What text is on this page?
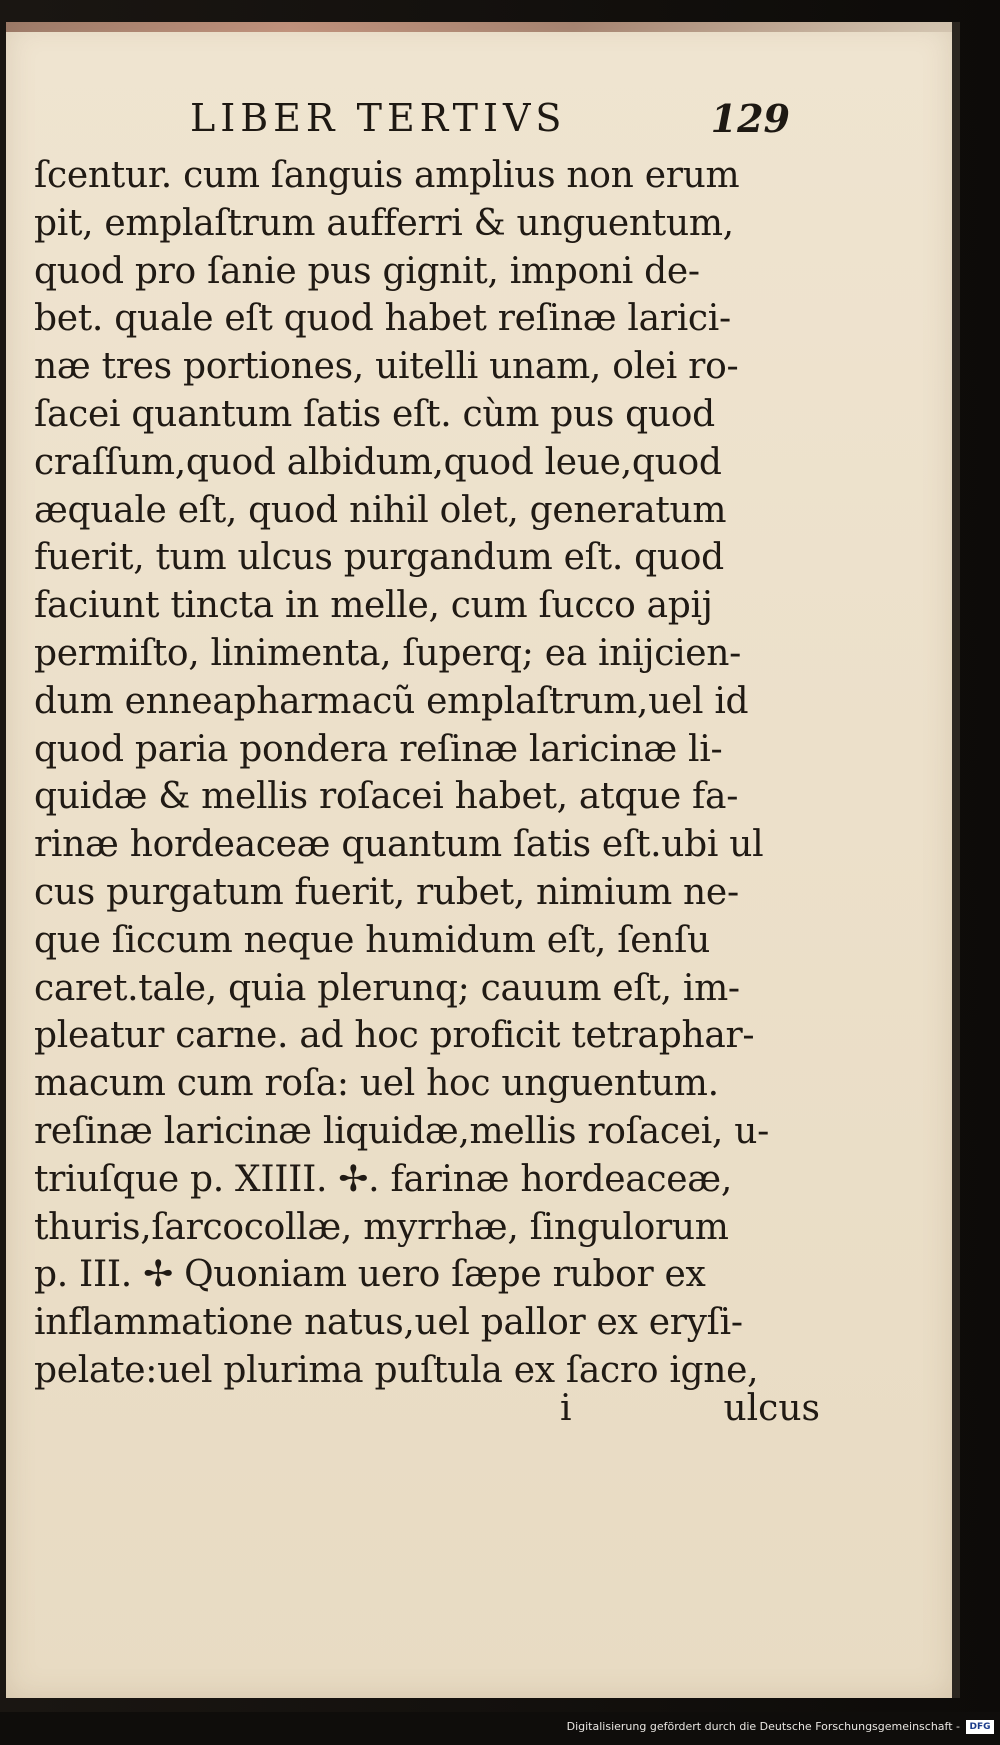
LIBER TERTIVS	129
ſcentur. cum ſanguis amplius non erum
pit, emplaſtrum aufferri & unguentum,
quod pro ſanie pus gignit, imponi de-
bet. quale eſt quod habet reſinæ larici-
næ tres portiones, uitelli unam, olei ro-
ſacei quantum ſatis eſt. cùm pus quod
craſſum,quod albidum,quod leue,quod
æquale eſt, quod nihil olet, generatum
fuerit, tum ulcus purgandum eſt. quod
faciunt tincta in melle, cum ſucco apij
permiſto, linimenta, ſuperq; ea inijcien-
dum enneapharmacũ emplaſtrum,uel id
quod paria pondera reſinæ laricinæ li-
quidæ & mellis roſacei habet, atque fa-
rinæ hordeaceæ quantum ſatis eſt.ubi ul
cus purgatum fuerit, rubet, nimium ne-
que ſiccum neque humidum eſt, ſenſu
caret.tale, quia plerunq; cauum eſt, im-
pleatur carne. ad hoc proficit tetraphar-
macum cum roſa: uel hoc unguentum.
reſinæ laricinæ liquidæ,mellis roſacei, u-
triuſque p. XIIII. ✢. farinæ hordeaceæ,
thuris,ſarcocollæ, myrrhæ, ſingulorum
p. III. ✢ Quoniam uero ſæpe rubor ex
inflammatione natus,uel pallor ex eryſi-
pelate:uel plurima puſtula ex ſacro igne,
i	ulcus
Digitalisierung gefördert durch die Deutsche Forschungsgemeinschaft -	DFG
